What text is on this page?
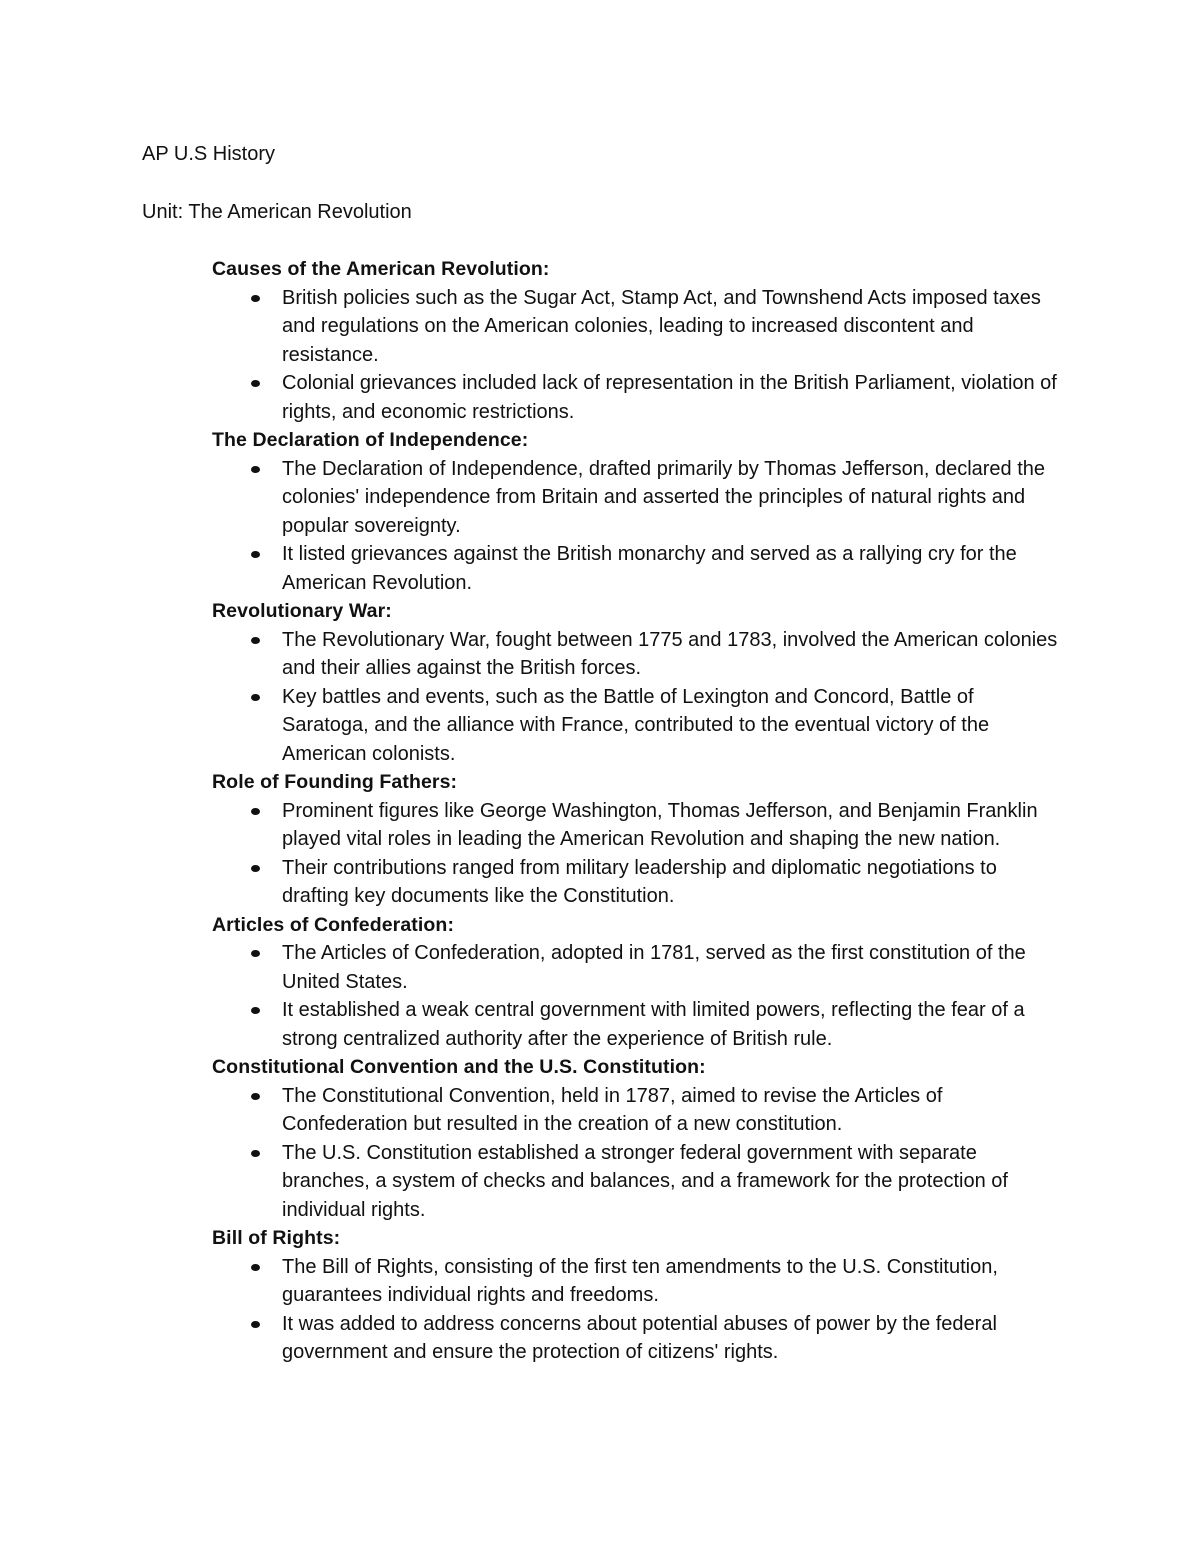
AP U.S History
Unit: The American Revolution

Causes of the American Revolution:

British policies such as the Sugar Act, Stamp Act, and Townshend Acts imposed taxes and regulations on the American colonies, leading to increased discontent and resistance.
Colonial grievances included lack of representation in the British Parliament, violation of rights, and economic restrictions.

The Declaration of Independence:

The Declaration of Independence, drafted primarily by Thomas Jefferson, declared the colonies' independence from Britain and asserted the principles of natural rights and popular sovereignty.
It listed grievances against the British monarchy and served as a rallying cry for the American Revolution.

Revolutionary War:

The Revolutionary War, fought between 1775 and 1783, involved the American colonies and their allies against the British forces.
Key battles and events, such as the Battle of Lexington and Concord, Battle of Saratoga, and the alliance with France, contributed to the eventual victory of the American colonists.

Role of Founding Fathers:

Prominent figures like George Washington, Thomas Jefferson, and Benjamin Franklin played vital roles in leading the American Revolution and shaping the new nation.
Their contributions ranged from military leadership and diplomatic negotiations to drafting key documents like the Constitution.

Articles of Confederation:

The Articles of Confederation, adopted in 1781, served as the first constitution of the United States.
It established a weak central government with limited powers, reflecting the fear of a strong centralized authority after the experience of British rule.

Constitutional Convention and the U.S. Constitution:

The Constitutional Convention, held in 1787, aimed to revise the Articles of Confederation but resulted in the creation of a new constitution.
The U.S. Constitution established a stronger federal government with separate branches, a system of checks and balances, and a framework for the protection of individual rights.

Bill of Rights:

The Bill of Rights, consisting of the first ten amendments to the U.S. Constitution, guarantees individual rights and freedoms.
It was added to address concerns about potential abuses of power by the federal government and ensure the protection of citizens' rights.
